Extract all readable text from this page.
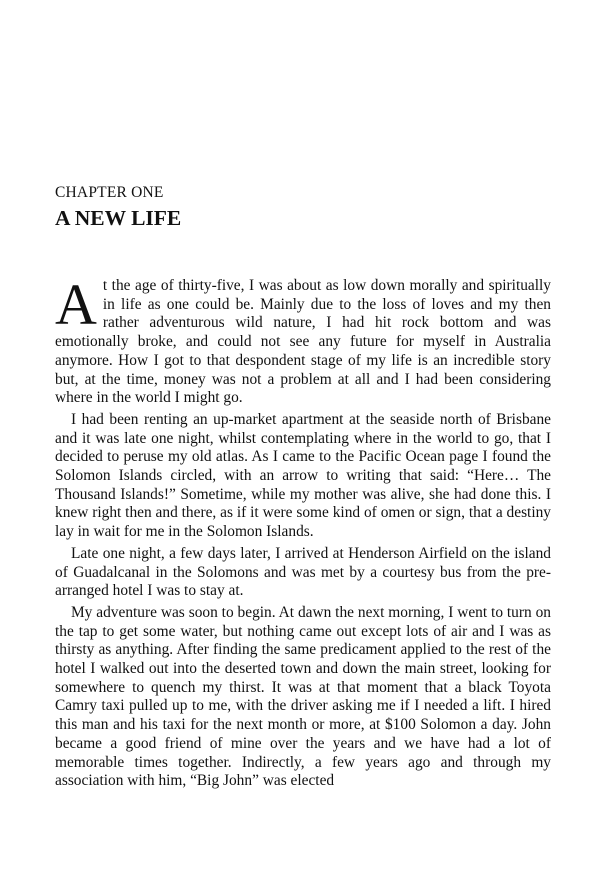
CHAPTER ONE
A NEW LIFE

At the age of thirty-five, I was about as low down morally and spiritually in life as one could be. Mainly due to the loss of loves and my then rather adventurous wild nature, I had hit rock bottom and was emotionally broke, and could not see any future for myself in Australia anymore. How I got to that despondent stage of my life is an incredible story but, at the time, money was not a problem at all and I had been considering where in the world I might go.

I had been renting an up-market apartment at the seaside north of Brisbane and it was late one night, whilst contemplating where in the world to go, that I decided to peruse my old atlas. As I came to the Pacific Ocean page I found the Solomon Islands circled, with an arrow to writing that said: “Here… The Thousand Islands!” Sometime, while my mother was alive, she had done this. I knew right then and there, as if it were some kind of omen or sign, that a destiny lay in wait for me in the Solomon Islands.

Late one night, a few days later, I arrived at Henderson Airfield on the island of Guadalcanal in the Solomons and was met by a courtesy bus from the pre-arranged hotel I was to stay at.

My adventure was soon to begin. At dawn the next morning, I went to turn on the tap to get some water, but nothing came out except lots of air and I was as thirsty as anything. After finding the same predicament applied to the rest of the hotel I walked out into the deserted town and down the main street, looking for somewhere to quench my thirst. It was at that moment that a black Toyota Camry taxi pulled up to me, with the driver asking me if I needed a lift. I hired this man and his taxi for the next month or more, at $100 Solomon a day. John became a good friend of mine over the years and we have had a lot of memorable times together. Indirectly, a few years ago and through my association with him, “Big John” was elected
